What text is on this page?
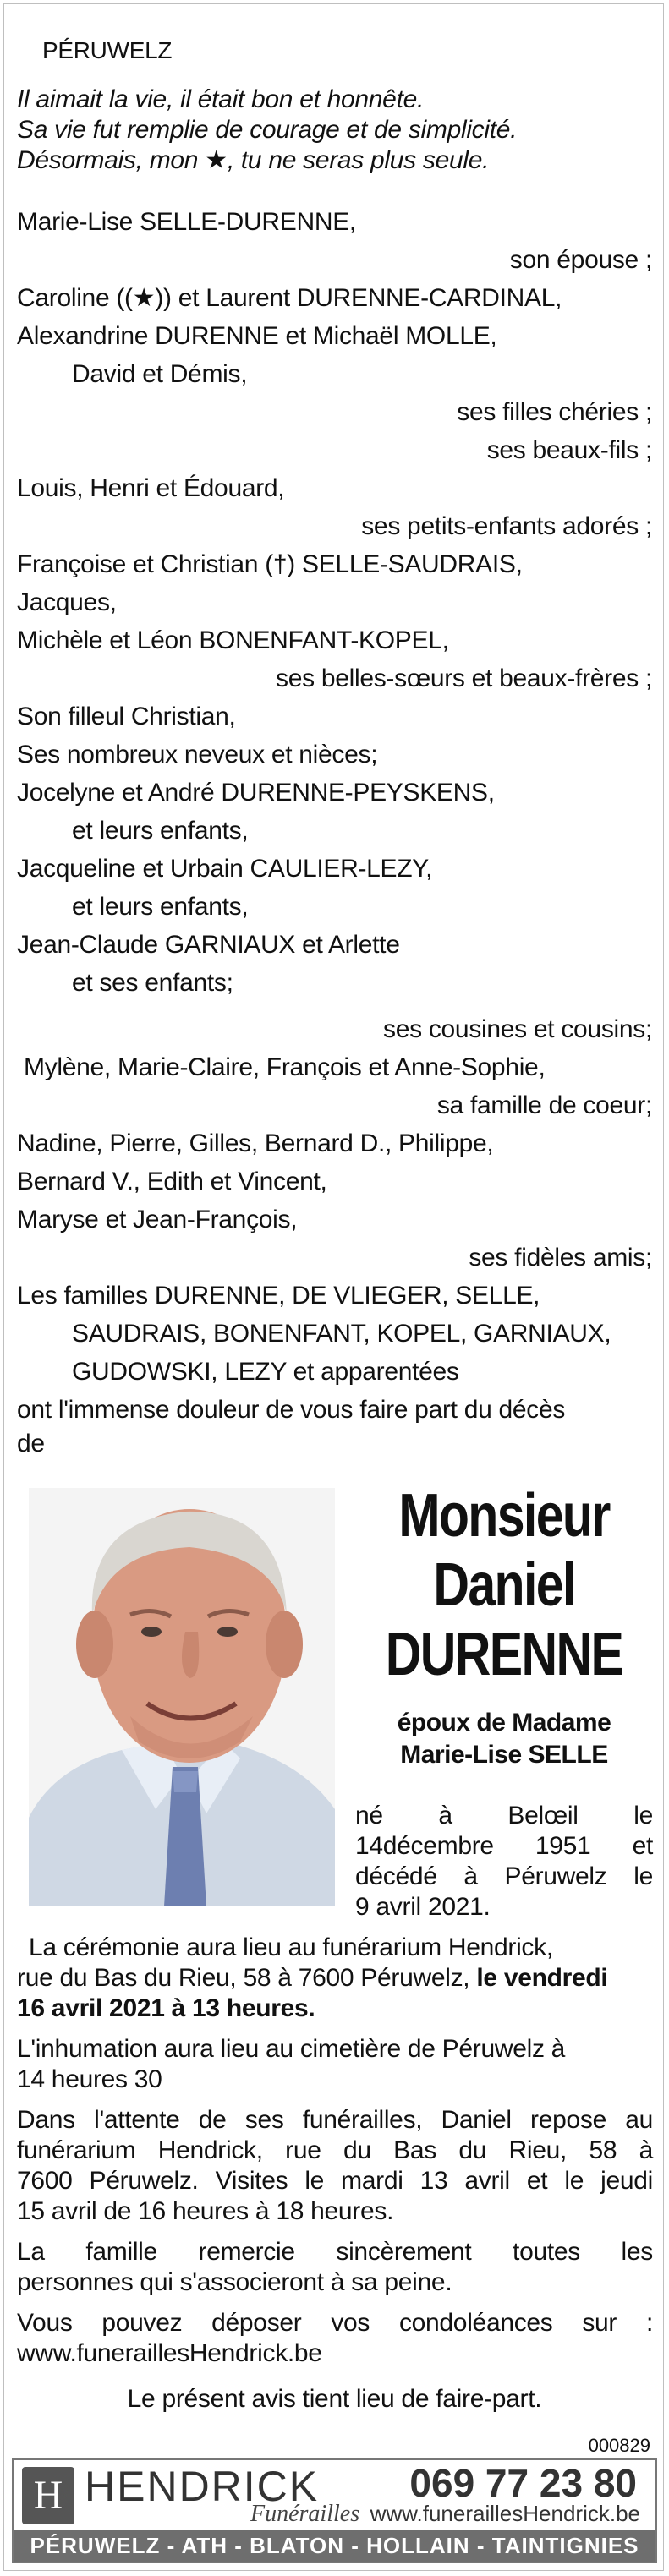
PÉRUWELZ
Il aimait la vie, il était bon et honnête.
Sa vie fut remplie de courage et de simplicité.
Désormais, mon ★, tu ne seras plus seule.
Marie-Lise SELLE-DURENNE,
son épouse ;
Caroline ((★)) et Laurent DURENNE-CARDINAL,
Alexandrine DURENNE et Michaël MOLLE,
David et Démis,
ses filles chéries ;
ses beaux-fils ;
Louis, Henri et Édouard,
ses petits-enfants adorés ;
Françoise et Christian (†) SELLE-SAUDRAIS,
Jacques,
Michèle et Léon BONENFANT-KOPEL,
ses belles-sœurs et beaux-frères ;
Son filleul Christian,
Ses nombreux neveux et nièces;
Jocelyne et André DURENNE-PEYSKENS,
et leurs enfants,
Jacqueline et Urbain CAULIER-LEZY,
et leurs enfants,
Jean-Claude GARNIAUX et Arlette
et ses enfants;
ses cousines et cousins;
Mylène, Marie-Claire, François et Anne-Sophie,
sa famille de coeur;
Nadine, Pierre, Gilles, Bernard D., Philippe,
Bernard V., Edith et Vincent,
Maryse et Jean-François,
ses fidèles amis;
Les familles DURENNE, DE VLIEGER, SELLE,
SAUDRAIS, BONENFANT, KOPEL, GARNIAUX,
GUDOWSKI, LEZY et apparentées
ont l'immense douleur de vous faire part du décès
de
Monsieur
Daniel
DURENNE
époux de Madame
Marie-Lise SELLE
né à Belœil le
14décembre 1951 et
décédé à Péruwelz le
9 avril 2021.
La cérémonie aura lieu au funérarium Hendrick,
rue du Bas du Rieu, 58 à 7600 Péruwelz, le vendredi
16 avril 2021 à 13 heures.
L'inhumation aura lieu au cimetière de Péruwelz à
14 heures 30
Dans l'attente de ses funérailles, Daniel repose au
funérarium Hendrick, rue du Bas du Rieu, 58 à
7600 Péruwelz. Visites le mardi 13 avril et le jeudi
15 avril de 16 heures à 18 heures.
La famille remercie sincèrement toutes les
personnes qui s'associeront à sa peine.
Vous pouvez déposer vos condoléances sur :
www.funeraillesHendrick.be
Le présent avis tient lieu de faire-part.
000829
H HENDRICK
Funérailles
069 77 23 80
www.funeraillesHendrick.be
PÉRUWELZ - ATH - BLATON - HOLLAIN - TAINTIGNIES
